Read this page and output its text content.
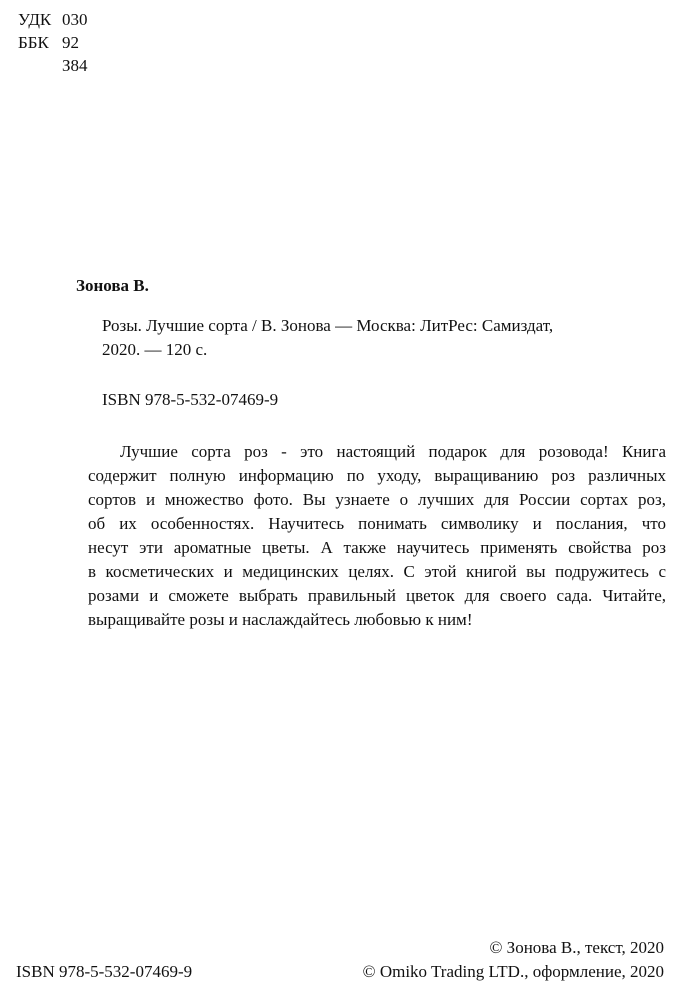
УДК 030
ББК 92
З84
Зонова В.
Розы. Лучшие сорта / В. Зонова — Москва: ЛитРес: Самиздат,
2020. — 120 с.
ISBN 978-5-532-07469-9
Лучшие сорта роз - это настоящий подарок для розовода! Книга
содержит полную информацию по уходу, выращиванию роз различных
сортов и множество фото. Вы узнаете о лучших для России сортах роз,
об их особенностях. Научитесь понимать символику и послания, что
несут эти ароматные цветы. А также научитесь применять свойства роз
в косметических и медицинских целях. С этой книгой вы подружитесь с
розами и сможете выбрать правильный цветок для своего сада. Читайте,
выращивайте розы и наслаждайтесь любовью к ним!
© Зонова В., текст, 2020
© Omiko Trading LTD., оформление, 2020
ISBN 978-5-532-07469-9
